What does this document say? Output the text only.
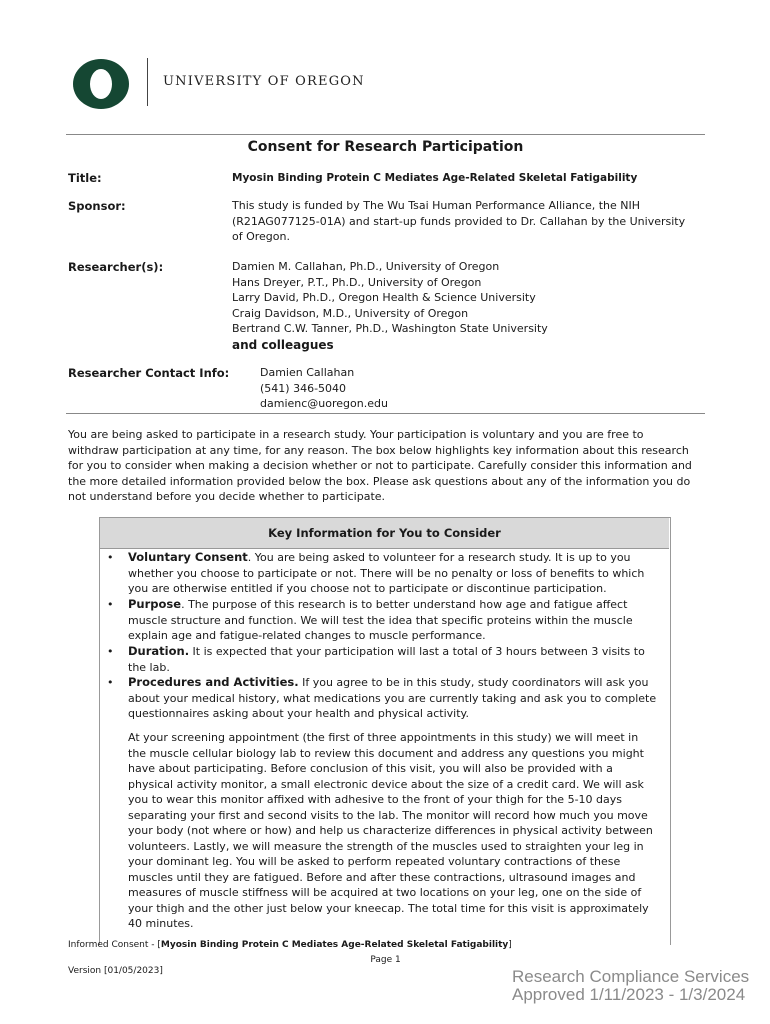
UNIVERSITY OF OREGON
Consent for Research Participation
Title:	Myosin Binding Protein C Mediates Age-Related Skeletal Fatigability
Sponsor:	This study is funded by The Wu Tsai Human Performance Alliance, the NIH
(R21AG077125-01A) and start-up funds provided to Dr. Callahan by the University
of Oregon.
Researcher(s):	Damien M. Callahan, Ph.D., University of Oregon
Hans Dreyer, P.T., Ph.D., University of Oregon
Larry David, Ph.D., Oregon Health & Science University
Craig Davidson, M.D., University of Oregon
Bertrand C.W. Tanner, Ph.D., Washington State University
and colleagues
Researcher Contact Info:	Damien Callahan
(541) 346-5040
damienc@uoregon.edu
You are being asked to participate in a research study. Your participation is voluntary and you are free to
withdraw participation at any time, for any reason. The box below highlights key information about this research
for you to consider when making a decision whether or not to participate. Carefully consider this information and
the more detailed information provided below the box. Please ask questions about any of the information you do
not understand before you decide whether to participate.
Key Information for You to Consider
• Voluntary Consent. You are being asked to volunteer for a research study. It is up to you
whether you choose to participate or not. There will be no penalty or loss of benefits to which
you are otherwise entitled if you choose not to participate or discontinue participation.
• Purpose. The purpose of this research is to better understand how age and fatigue affect
muscle structure and function. We will test the idea that specific proteins within the muscle
explain age and fatigue-related changes to muscle performance.
• Duration. It is expected that your participation will last a total of 3 hours between 3 visits to
the lab.
• Procedures and Activities. If you agree to be in this study, study coordinators will ask you
about your medical history, what medications you are currently taking and ask you to complete
questionnaires asking about your health and physical activity.
At your screening appointment (the first of three appointments in this study) we will meet in
the muscle cellular biology lab to review this document and address any questions you might
have about participating. Before conclusion of this visit, you will also be provided with a
physical activity monitor, a small electronic device about the size of a credit card. We will ask
you to wear this monitor affixed with adhesive to the front of your thigh for the 5-10 days
separating your first and second visits to the lab. The monitor will record how much you move
your body (not where or how) and help us characterize differences in physical activity between
volunteers. Lastly, we will measure the strength of the muscles used to straighten your leg in
your dominant leg. You will be asked to perform repeated voluntary contractions of these
muscles until they are fatigued. Before and after these contractions, ultrasound images and
measures of muscle stiffness will be acquired at two locations on your leg, one on the side of
your thigh and the other just below your kneecap. The total time for this visit is approximately
40 minutes.
Informed Consent - [Myosin Binding Protein C Mediates Age-Related Skeletal Fatigability]
Page 1
Version [01/05/2023]	Research Compliance Services
Approved 1/11/2023 - 1/3/2024
